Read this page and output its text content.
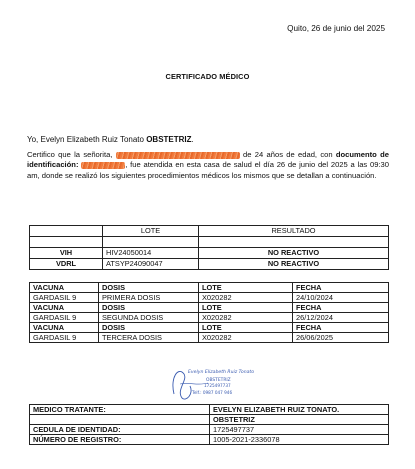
Quito, 26 de junio del 2025
CERTIFICADO MÉDICO
Yo, Evelyn Elizabeth Ruiz Tonato OBSTETRIZ.
Certifico que la señorita,	de 24 años de edad, con documento de identificación:	, fue atendida en esta casa de salud el día 26 de junio del 2025 a las 09:30 am, donde se realizó los siguientes procedimientos médicos los mismos que se detallan a continuación.
	LOTE	RESULTADO

VIH	HIV24050014	NO REACTIVO
VDRL	ATSYP24090047	NO REACTIVO
VACUNA	DOSIS	LOTE	FECHA
GARDASIL 9	PRIMERA DOSIS	X020282	24/10/2024
VACUNA	DOSIS	LOTE	FECHA
GARDASIL 9	SEGUNDA DOSIS	X020282	26/12/2024
VACUNA	DOSIS	LOTE	FECHA
GARDASIL 9	TERCERA DOSIS	X020282	26/06/2025
Evelyn Elizabeth Ruiz Tonato
OBSTETRIZ
1725497737
Telf.: 0987 047 946
MEDICO TRATANTE:	EVELYN ELIZABETH RUIZ TONATO.
	OBSTETRIZ
CEDULA DE IDENTIDAD:	1725497737
NÚMERO DE REGISTRO:	1005-2021-2336078
